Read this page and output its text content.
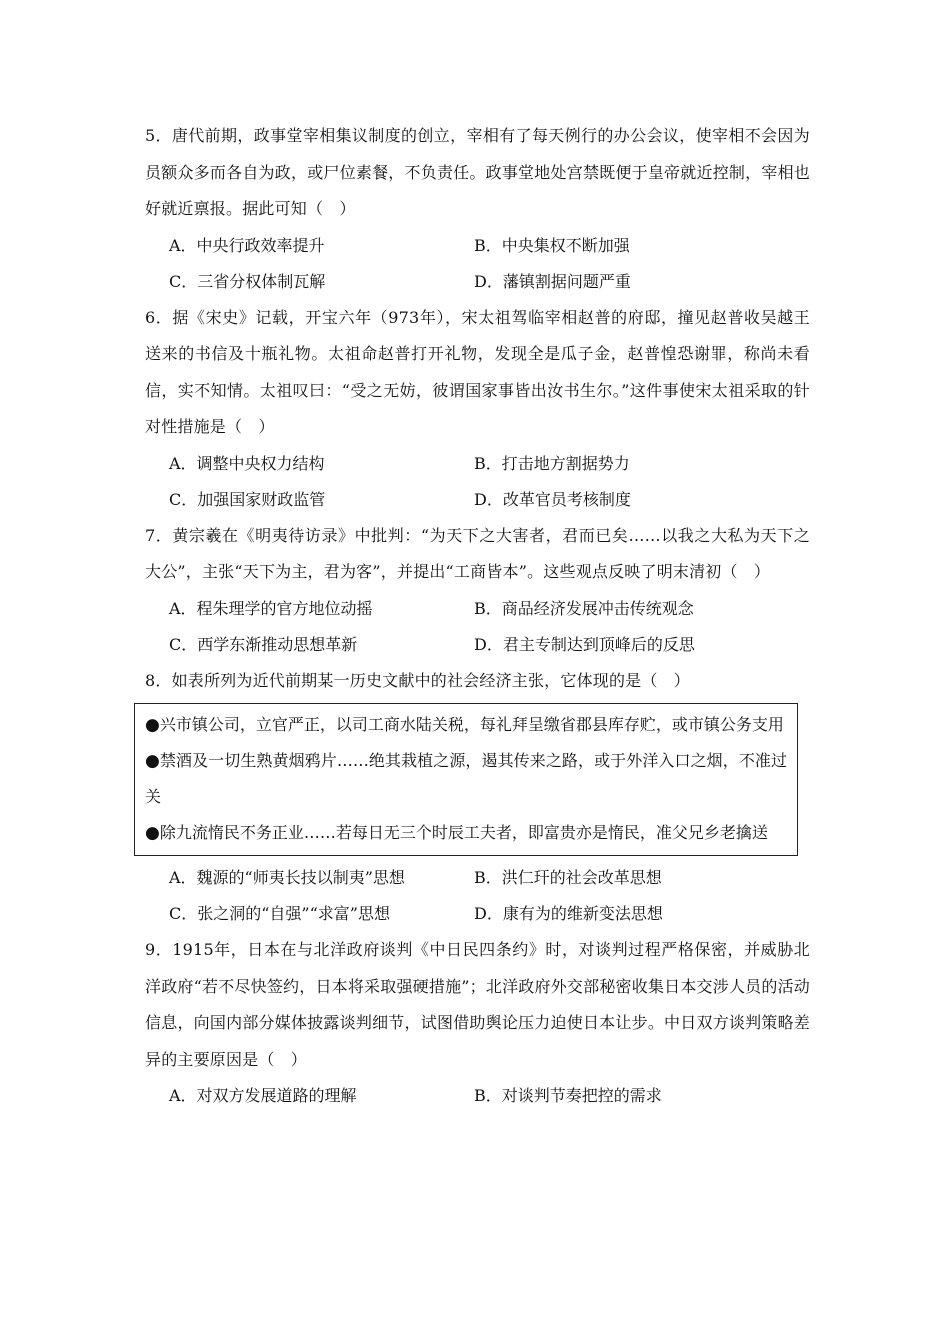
5．唐代前期，政事堂宰相集议制度的创立，宰相有了每天例行的办公会议，使宰相不会因为员额众多而各自为政，或尸位素餐，不负责任。政事堂地处宫禁既便于皇帝就近控制，宰相也好就近禀报。据此可知（　）
A．中央行政效率提升	B．中央集权不断加强
C．三省分权体制瓦解	D．藩镇割据问题严重
6．据《宋史》记载，开宝六年（973年），宋太祖驾临宰相赵普的府邸，撞见赵普收吴越王送来的书信及十瓶礼物。太祖命赵普打开礼物，发现全是瓜子金，赵普惶恐谢罪，称尚未看信，实不知情。太祖叹曰：“受之无妨，彼谓国家事皆出汝书生尔。”这件事使宋太祖采取的针对性措施是（　）
A．调整中央权力结构	B．打击地方割据势力
C．加强国家财政监管	D．改革官员考核制度
7．黄宗羲在《明夷待访录》中批判：“为天下之大害者，君而已矣……以我之大私为天下之大公”，主张“天下为主，君为客”，并提出“工商皆本”。这些观点反映了明末清初（　）
A．程朱理学的官方地位动摇	B．商品经济发展冲击传统观念
C．西学东渐推动思想革新	D．君主专制达到顶峰后的反思
8．如表所列为近代前期某一历史文献中的社会经济主张，它体现的是（　）
●兴市镇公司，立官严正，以司工商水陆关税，每礼拜呈缴省郡县库存贮，或市镇公务支用
●禁酒及一切生熟黄烟鸦片……绝其栽植之源，遏其传来之路，或于外洋入口之烟，不准过关
●除九流惰民不务正业……若每日无三个时辰工夫者，即富贵亦是惰民，准父兄乡老擒送
A．魏源的“师夷长技以制夷”思想	B．洪仁玕的社会改革思想
C．张之洞的“自强”“求富”思想	D．康有为的维新变法思想
9．1915年，日本在与北洋政府谈判《中日民四条约》时，对谈判过程严格保密，并威胁北洋政府“若不尽快签约，日本将采取强硬措施”；北洋政府外交部秘密收集日本交涉人员的活动信息，向国内部分媒体披露谈判细节，试图借助舆论压力迫使日本让步。中日双方谈判策略差异的主要原因是（　）
A．对双方发展道路的理解	B．对谈判节奏把控的需求
